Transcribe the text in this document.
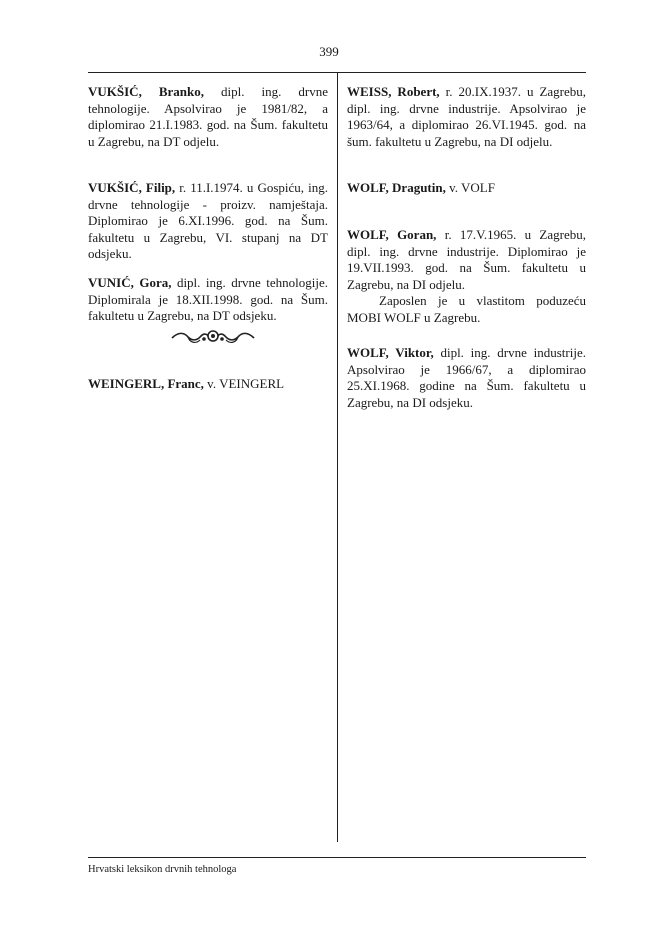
399
VUKŠIĆ, Branko, dipl. ing. drvne tehnologije. Apsolvirao je 1981/82, a diplomirao 21.I.1983. god. na Šum. fakultetu u Zagrebu, na DT odjelu.
VUKŠIĆ, Filip, r. 11.I.1974. u Gospiću, ing. drvne tehnologije - proizv. namještaja. Diplomirao je 6.XI.1996. god. na Šum. fakultetu u Zagrebu, VI. stupanj na DT odsjeku.
VUNIĆ, Gora, dipl. ing. drvne tehnologije. Diplomirala je 18.XII.1998. god. na Šum. fakultetu u Zagrebu, na DT odsjeku.
WEINGERL, Franc, v. VEINGERL
WEISS, Robert, r. 20.IX.1937. u Zagrebu, dipl. ing. drvne industrije. Apsolvirao je 1963/64, a diplomirao 26.VI.1945. god. na šum. fakultetu u Zagrebu, na DI odjelu.
WOLF, Dragutin, v. VOLF
WOLF, Goran, r. 17.V.1965. u Zagrebu, dipl. ing. drvne industrije. Diplomirao je 19.VII.1993. god. na Šum. fakultetu u Zagrebu, na DI odjelu.
Zaposlen je u vlastitom poduzeću MOBI WOLF u Zagrebu.
WOLF, Viktor, dipl. ing. drvne industrije. Apsolvirao je 1966/67, a diplomirao 25.XI.1968. godine na Šum. fakultetu u Zagrebu, na DI odsjeku.
Hrvatski leksikon drvnih tehnologa
